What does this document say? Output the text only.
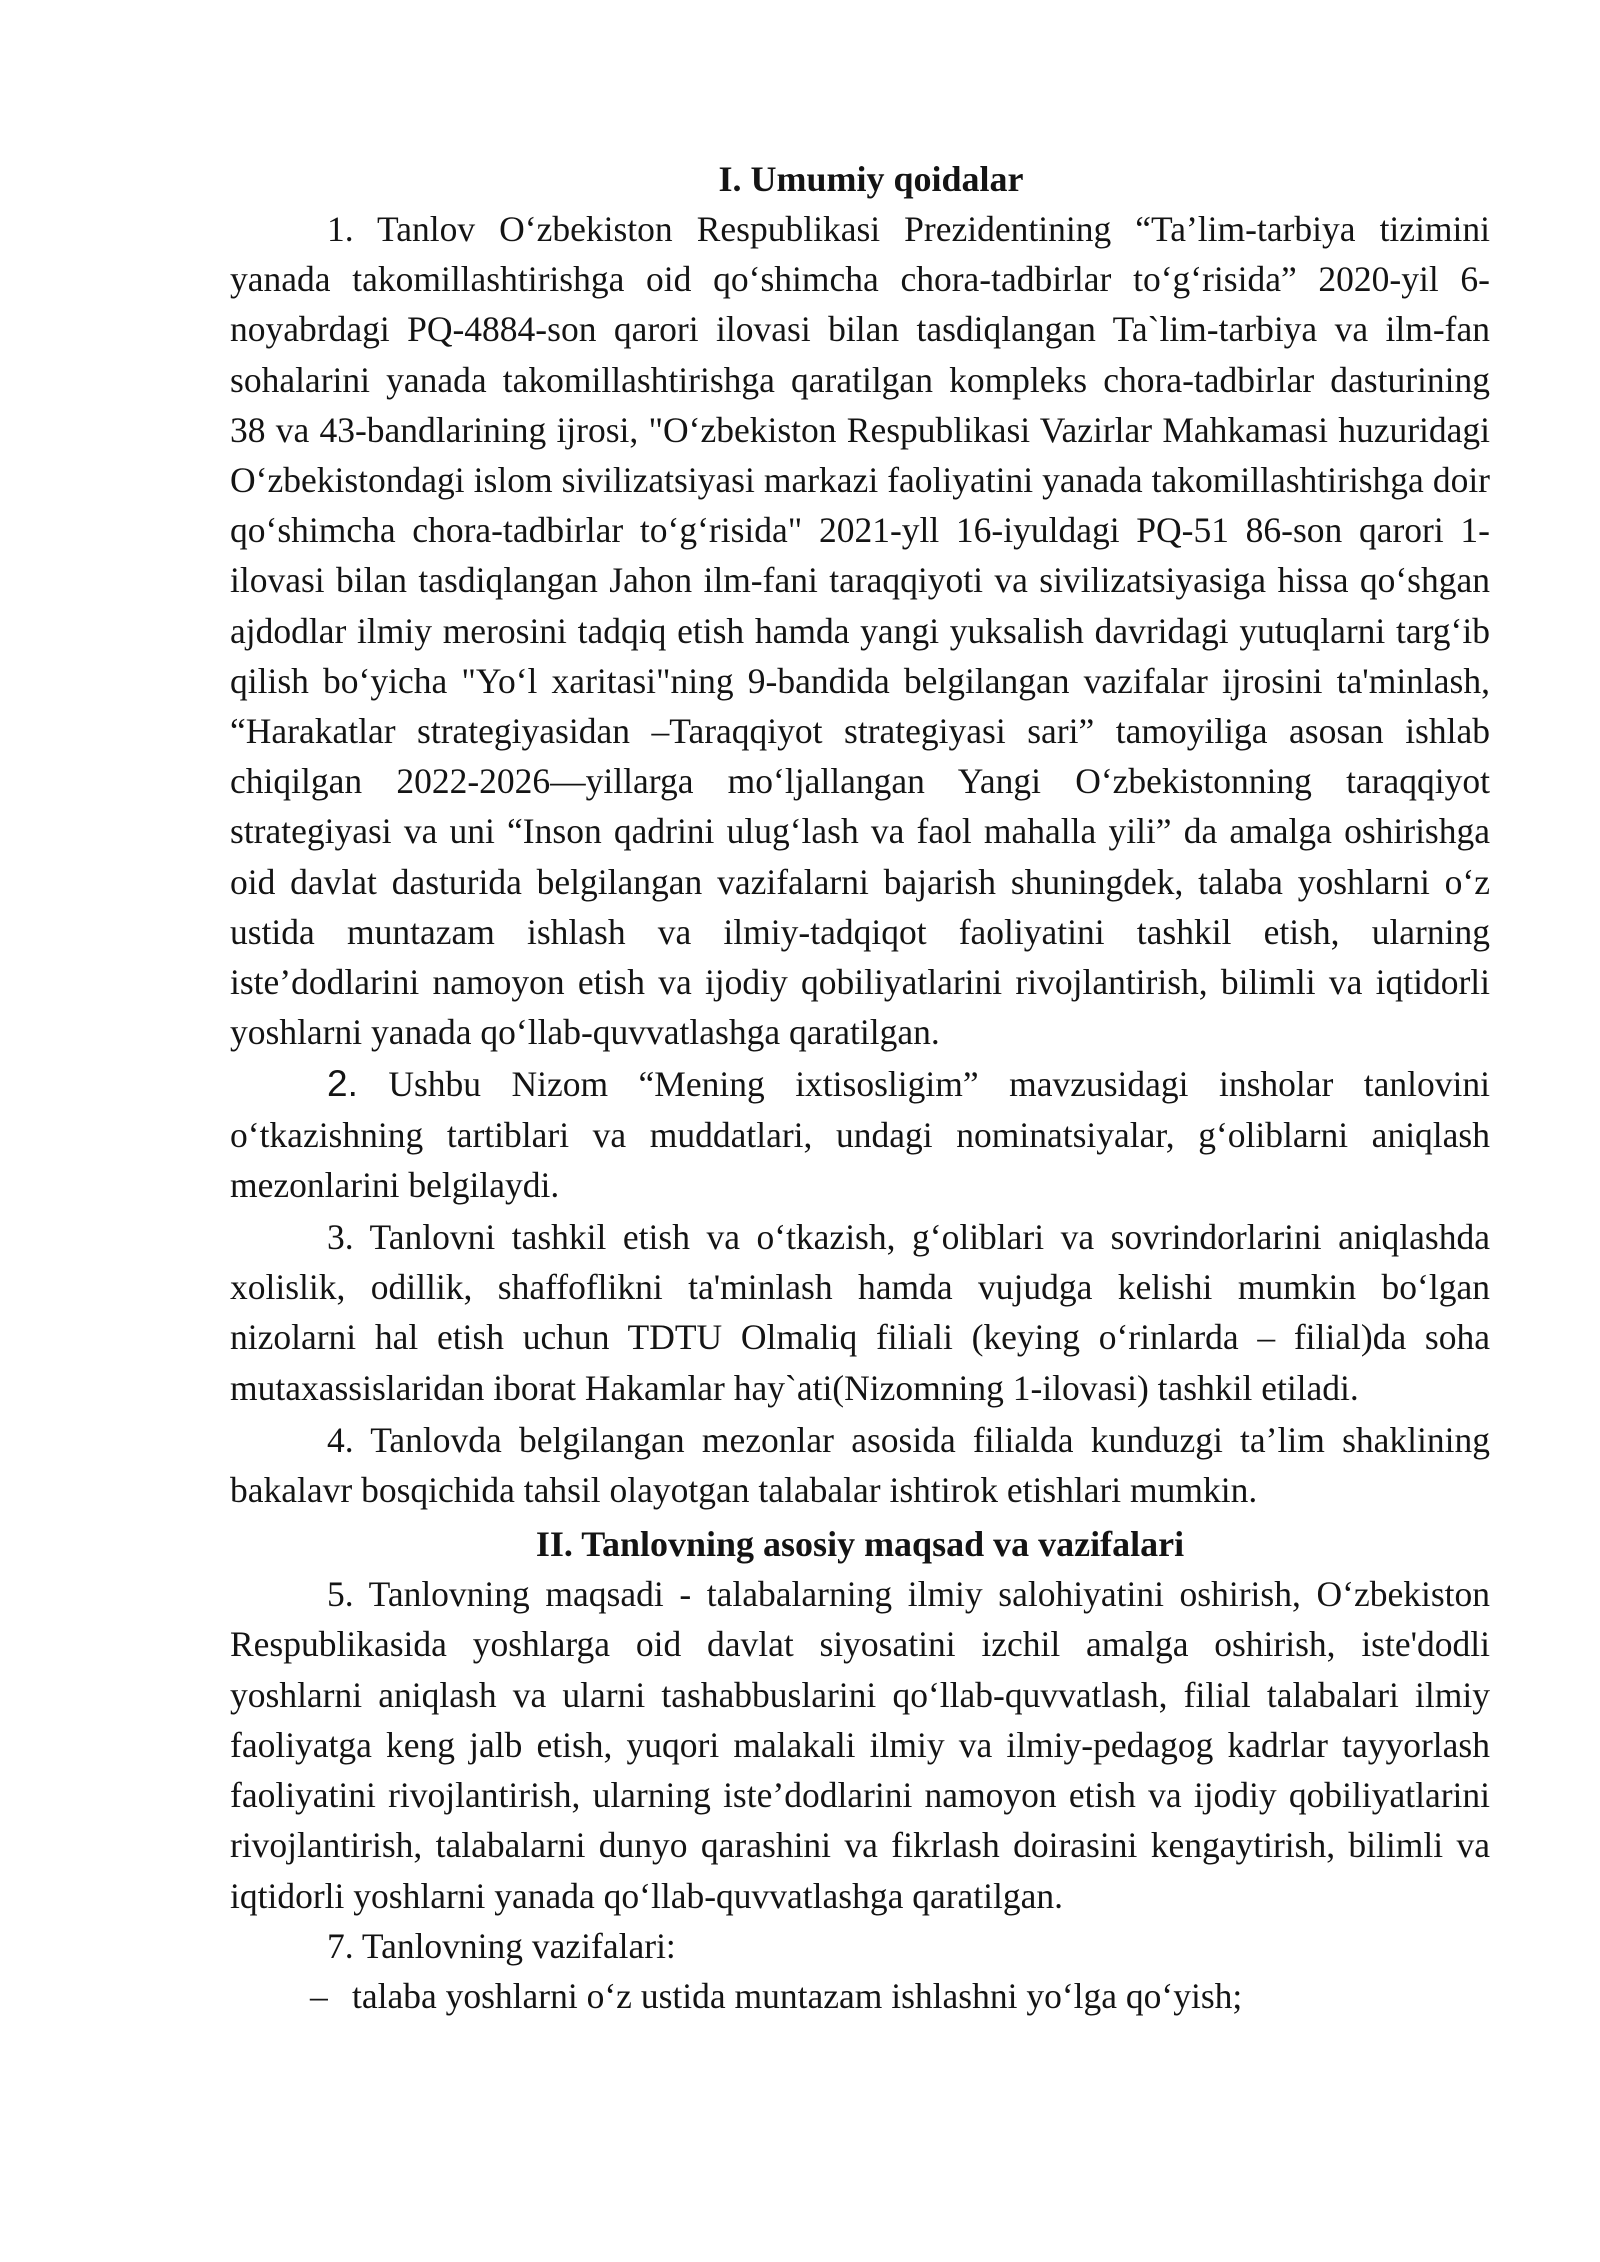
I. Umumiy qoidalar

1. Tanlov O‘zbekiston Respublikasi Prezidentining “Ta’lim-tarbiya tizimini yanada takomillashtirishga oid qo‘shimcha chora-tadbirlar to‘g‘risida” 2020-yil 6-noyabrdagi PQ-4884-son qarori ilovasi bilan tasdiqlangan Ta`lim-tarbiya va ilm-fan sohalarini yanada takomillashtirishga qaratilgan kompleks chora-tadbirlar dasturining 38 va 43-bandlarining ijrosi, "O‘zbekiston Respublikasi Vazirlar Mahkamasi huzuridagi O‘zbekistondagi islom sivilizatsiyasi markazi faoliyatini yanada takomillashtirishga doir qo‘shimcha chora-tadbirlar to‘g‘risida" 2021-yll 16-iyuldagi PQ-51 86-son qarori 1-ilovasi bilan tasdiqlangan Jahon ilm-fani taraqqiyoti va sivilizatsiyasiga hissa qo‘shgan ajdodlar ilmiy merosini tadqiq etish hamda yangi yuksalish davridagi yutuqlarni targ‘ib qilish bo‘yicha "Yo‘l xaritasi"ning 9-bandida belgilangan vazifalar ijrosini ta'minlash, “Harakatlar strategiyasidan –Taraqqiyot strategiyasi sari” tamoyiliga asosan ishlab chiqilgan 2022-2026—yillarga mo‘ljallangan Yangi O‘zbekistonning taraqqiyot strategiyasi va uni “Inson qadrini ulug‘lash va faol mahalla yili” da amalga oshirishga oid davlat dasturida belgilangan vazifalarni bajarish shuningdek, talaba yoshlarni o‘z ustida muntazam ishlash va ilmiy-tadqiqot faoliyatini tashkil etish, ularning iste’dodlarini namoyon etish va ijodiy qobiliyatlarini rivojlantirish, bilimli va iqtidorli yoshlarni yanada qo‘llab-quvvatlashga qaratilgan.

2. Ushbu Nizom “Mening ixtisosligim” mavzusidagi insholar tanlovini o‘tkazishning tartiblari va muddatlari, undagi nominatsiyalar, g‘oliblarni aniqlash mezonlarini belgilaydi.

3. Tanlovni tashkil etish va o‘tkazish, g‘oliblari va sovrindorlarini aniqlashda xolislik, odillik, shaffoflikni ta'minlash hamda vujudga kelishi mumkin bo‘lgan nizolarni hal etish uchun TDTU Olmaliq filiali (keying o‘rinlarda – filial)da soha mutaxassislaridan iborat Hakamlar hay`ati(Nizomning 1-ilovasi) tashkil etiladi.

4. Tanlovda belgilangan mezonlar asosida filialda kunduzgi ta’lim shaklining bakalavr bosqichida tahsil olayotgan talabalar ishtirok etishlari mumkin.

II. Tanlovning asosiy maqsad va vazifalari

5. Tanlovning maqsadi - talabalarning ilmiy salohiyatini oshirish, O‘zbekiston Respublikasida yoshlarga oid davlat siyosatini izchil amalga oshirish, iste'dodli yoshlarni aniqlash va ularni tashabbuslarini qo‘llab-quvvatlash, filial talabalari ilmiy faoliyatga keng jalb etish, yuqori malakali ilmiy va ilmiy-pedagog kadrlar tayyorlash faoliyatini rivojlantirish, ularning iste’dodlarini namoyon etish va ijodiy qobiliyatlarini rivojlantirish, talabalarni dunyo qarashini va fikrlash doirasini kengaytirish, bilimli va iqtidorli yoshlarni yanada qo‘llab-quvvatlashga qaratilgan.

7. Tanlovning vazifalari:

– talaba yoshlarni o‘z ustida muntazam ishlashni yo‘lga qo‘yish;
